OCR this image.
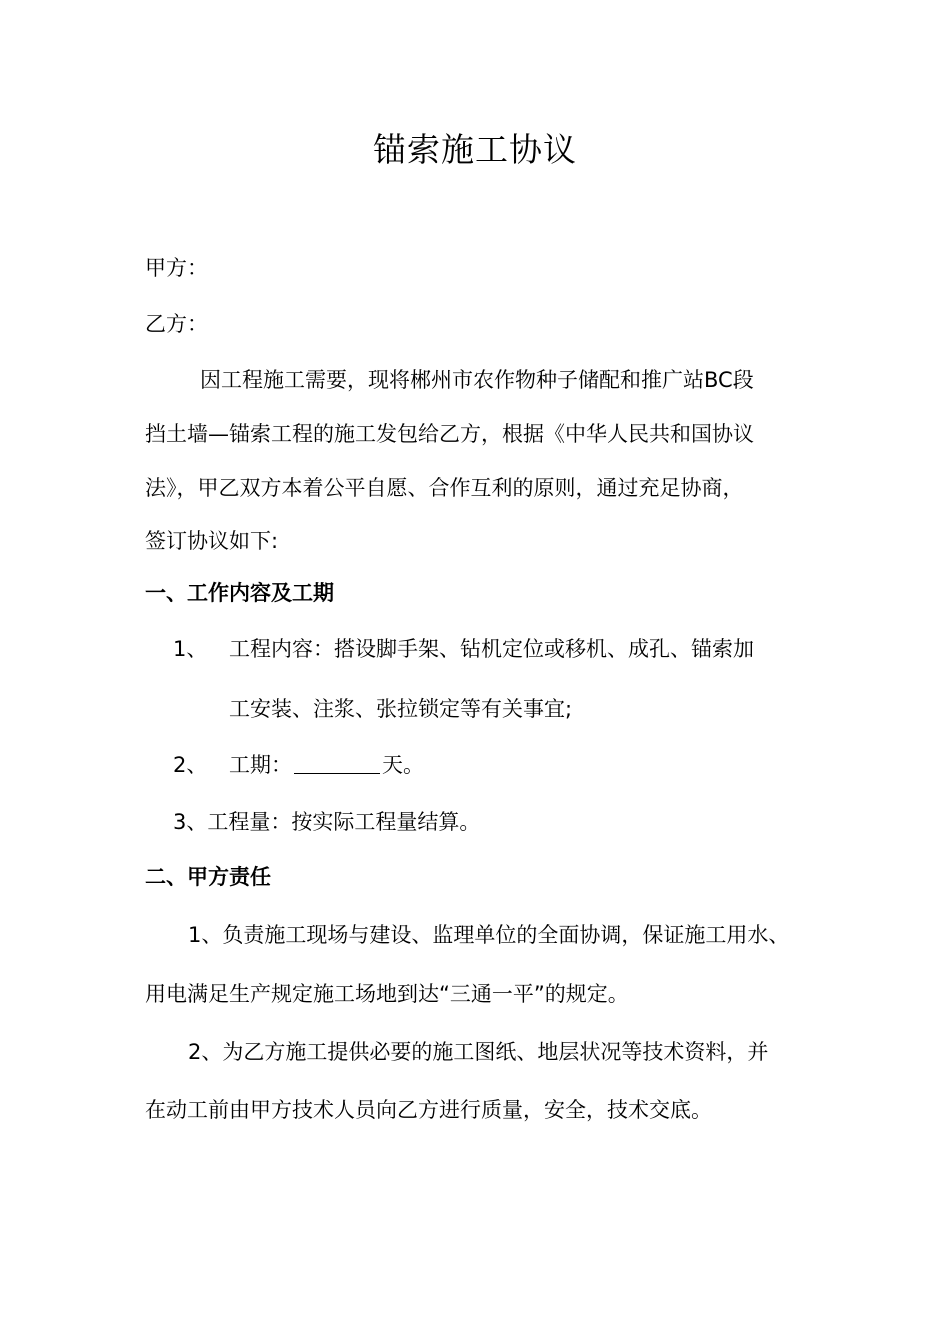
锚索施工协议
甲方：
乙方：
因工程施工需要，现将郴州市农作物种子储配和推广站BC段
挡土墙—锚索工程的施工发包给乙方，根据《中华人民共和国协议
法》，甲乙双方本着公平自愿、合作互利的原则，通过充足协商，
签订协议如下:
一、工作内容及工期
1、 工程内容：搭设脚手架、钻机定位或移机、成孔、锚索加
工安装、注浆、张拉锁定等有关事宜;
2、 工期：	天。
3、工程量：按实际工程量结算。
二、甲方责任
1、负责施工现场与建设、监理单位的全面协调，保证施工用水、
用电满足生产规定施工场地到达“三通一平”的规定。
2、为乙方施工提供必要的施工图纸、地层状况等技术资料，并
在动工前由甲方技术人员向乙方进行质量，安全，技术交底。
